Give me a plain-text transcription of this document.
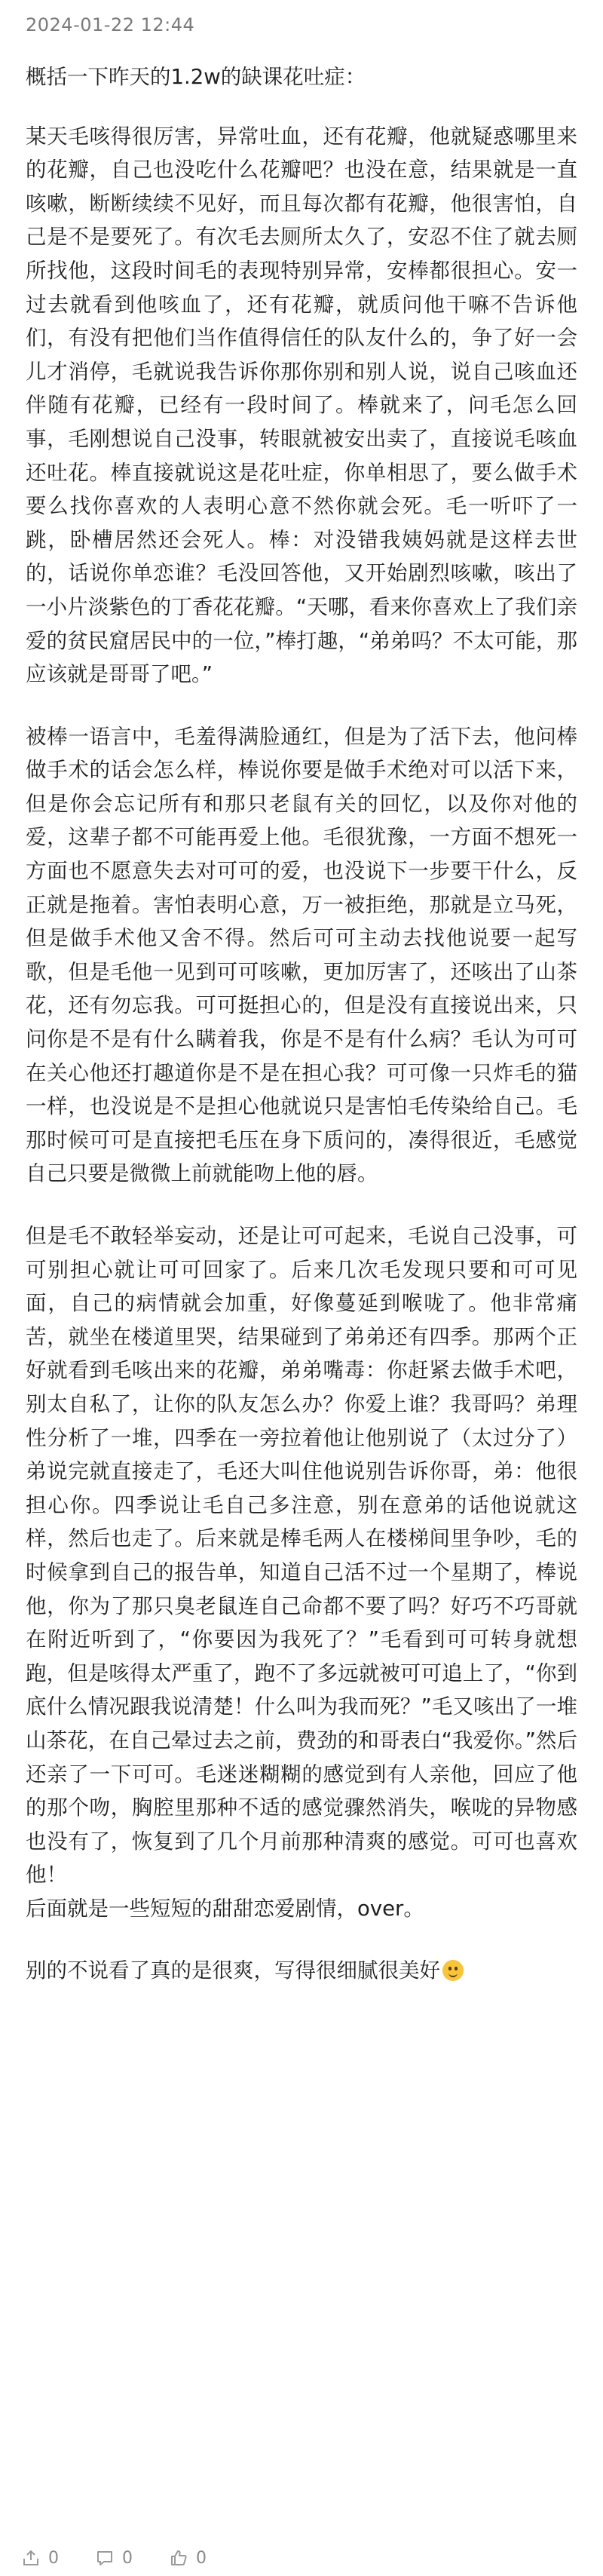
2024-01-22 12:44

概括一下昨天的1.2w的缺课花吐症：

某天毛咳得很厉害，异常吐血，还有花瓣，他就疑惑哪里来的花瓣，自己也没吃什么花瓣吧？也没在意，结果就是一直咳嗽，断断续续不见好，而且每次都有花瓣，他很害怕，自己是不是要死了。有次毛去厕所太久了，安忍不住了就去厕所找他，这段时间毛的表现特别异常，安棒都很担心。安一过去就看到他咳血了，还有花瓣，就质问他干嘛不告诉他们，有没有把他们当作值得信任的队友什么的，争了好一会儿才消停，毛就说我告诉你那你别和别人说，说自己咳血还伴随有花瓣，已经有一段时间了。棒就来了，问毛怎么回事，毛刚想说自己没事，转眼就被安出卖了，直接说毛咳血还吐花。棒直接就说这是花吐症，你单相思了，要么做手术要么找你喜欢的人表明心意不然你就会死。毛一听吓了一跳，卧槽居然还会死人。棒：对没错我姨妈就是这样去世的，话说你单恋谁？毛没回答他，又开始剧烈咳嗽，咳出了一小片淡紫色的丁香花花瓣。“天哪，看来你喜欢上了我们亲爱的贫民窟居民中的一位，”棒打趣，“弟弟吗？不太可能，那应该就是哥哥了吧。”

被棒一语言中，毛羞得满脸通红，但是为了活下去，他问棒做手术的话会怎么样，棒说你要是做手术绝对可以活下来，但是你会忘记所有和那只老鼠有关的回忆，以及你对他的爱，这辈子都不可能再爱上他。毛很犹豫，一方面不想死一方面也不愿意失去对可可的爱，也没说下一步要干什么，反正就是拖着。害怕表明心意，万一被拒绝，那就是立马死，但是做手术他又舍不得。然后可可主动去找他说要一起写歌，但是毛他一见到可可咳嗽，更加厉害了，还咳出了山茶花，还有勿忘我。可可挺担心的，但是没有直接说出来，只问你是不是有什么瞒着我，你是不是有什么病？毛认为可可在关心他还打趣道你是不是在担心我？可可像一只炸毛的猫一样，也没说是不是担心他就说只是害怕毛传染给自己。毛那时候可可是直接把毛压在身下质问的，凑得很近，毛感觉自己只要是微微上前就能吻上他的唇。

但是毛不敢轻举妄动，还是让可可起来，毛说自己没事，可可别担心就让可可回家了。后来几次毛发现只要和可可见面，自己的病情就会加重，好像蔓延到喉咙了。他非常痛苦，就坐在楼道里哭，结果碰到了弟弟还有四季。那两个正好就看到毛咳出来的花瓣，弟弟嘴毒：你赶紧去做手术吧，别太自私了，让你的队友怎么办？你爱上谁？我哥吗？弟理性分析了一堆，四季在一旁拉着他让他别说了（太过分了）弟说完就直接走了，毛还大叫住他说别告诉你哥，弟：他很担心你。四季说让毛自己多注意，别在意弟的话他说就这样，然后也走了。后来就是棒毛两人在楼梯间里争吵，毛的时候拿到自己的报告单，知道自己活不过一个星期了，棒说他，你为了那只臭老鼠连自己命都不要了吗？好巧不巧哥就在附近听到了，“你要因为我死了？”毛看到可可转身就想跑，但是咳得太严重了，跑不了多远就被可可追上了，“你到底什么情况跟我说清楚！什么叫为我而死？”毛又咳出了一堆山茶花，在自己晕过去之前，费劲的和哥表白“我爱你。”然后还亲了一下可可。毛迷迷糊糊的感觉到有人亲他，回应了他的那个吻，胸腔里那种不适的感觉骤然消失，喉咙的异物感也没有了，恢复到了几个月前那种清爽的感觉。可可也喜欢他！
后面就是一些短短的甜甜恋爱剧情，over。

别的不说看了真的是很爽，写得很细腻很美好

0	0	0
